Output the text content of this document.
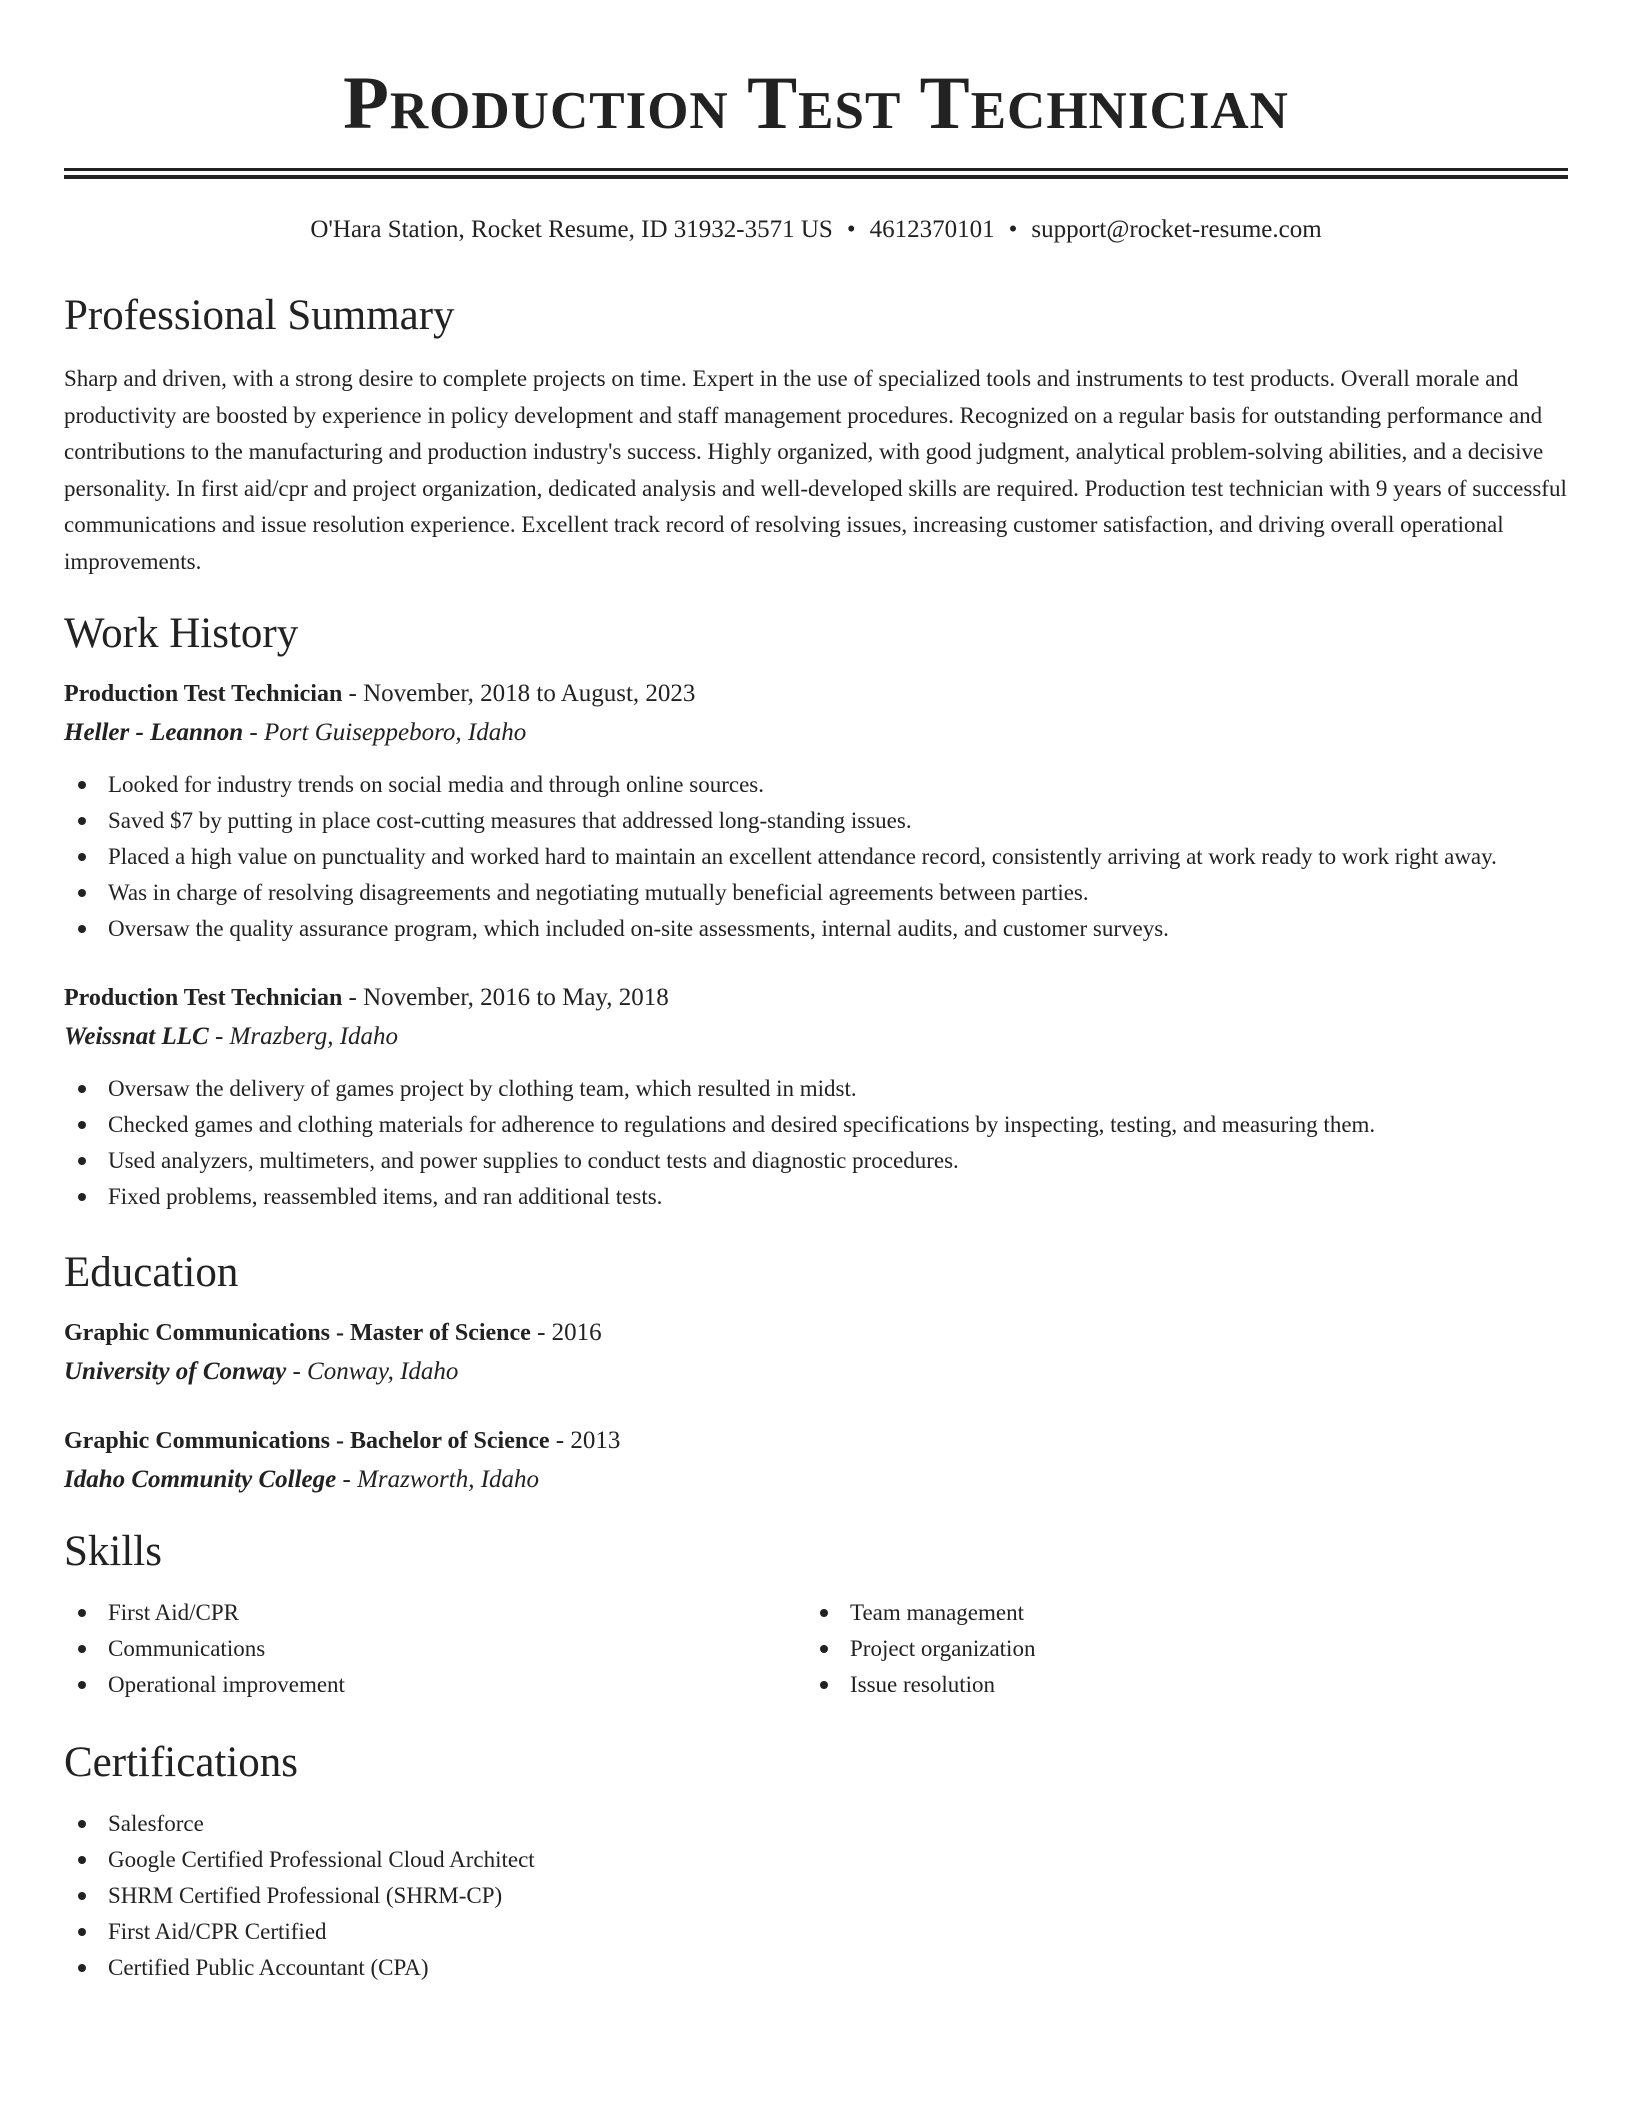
Production Test Technician
O'Hara Station, Rocket Resume, ID 31932-3571 US • 4612370101 • support@rocket-resume.com
Professional Summary

Sharp and driven, with a strong desire to complete projects on time. Expert in the use of specialized tools and instruments to test products. Overall morale and productivity are boosted by experience in policy development and staff management procedures. Recognized on a regular basis for outstanding performance and contributions to the manufacturing and production industry's success. Highly organized, with good judgment, analytical problem-solving abilities, and a decisive personality. In first aid/cpr and project organization, dedicated analysis and well-developed skills are required. Production test technician with 9 years of successful communications and issue resolution experience. Excellent track record of resolving issues, increasing customer satisfaction, and driving overall operational improvements.

Work History
Production Test Technician - November, 2018 to August, 2023
Heller - Leannon - Port Guiseppeboro, Idaho
Looked for industry trends on social media and through online sources.
Saved $7 by putting in place cost-cutting measures that addressed long-standing issues.
Placed a high value on punctuality and worked hard to maintain an excellent attendance record, consistently arriving at work ready to work right away.
Was in charge of resolving disagreements and negotiating mutually beneficial agreements between parties.
Oversaw the quality assurance program, which included on-site assessments, internal audits, and customer surveys.
Production Test Technician - November, 2016 to May, 2018
Weissnat LLC - Mrazberg, Idaho
Oversaw the delivery of games project by clothing team, which resulted in midst.
Checked games and clothing materials for adherence to regulations and desired specifications by inspecting, testing, and measuring them.
Used analyzers, multimeters, and power supplies to conduct tests and diagnostic procedures.
Fixed problems, reassembled items, and ran additional tests.
Education
Graphic Communications - Master of Science - 2016
University of Conway - Conway, Idaho
Graphic Communications - Bachelor of Science - 2013
Idaho Community College - Mrazworth, Idaho
Skills
First Aid/CPR
Communications
Operational improvement
Team management
Project organization
Issue resolution
Certifications
Salesforce
Google Certified Professional Cloud Architect
SHRM Certified Professional (SHRM-CP)
First Aid/CPR Certified
Certified Public Accountant (CPA)
